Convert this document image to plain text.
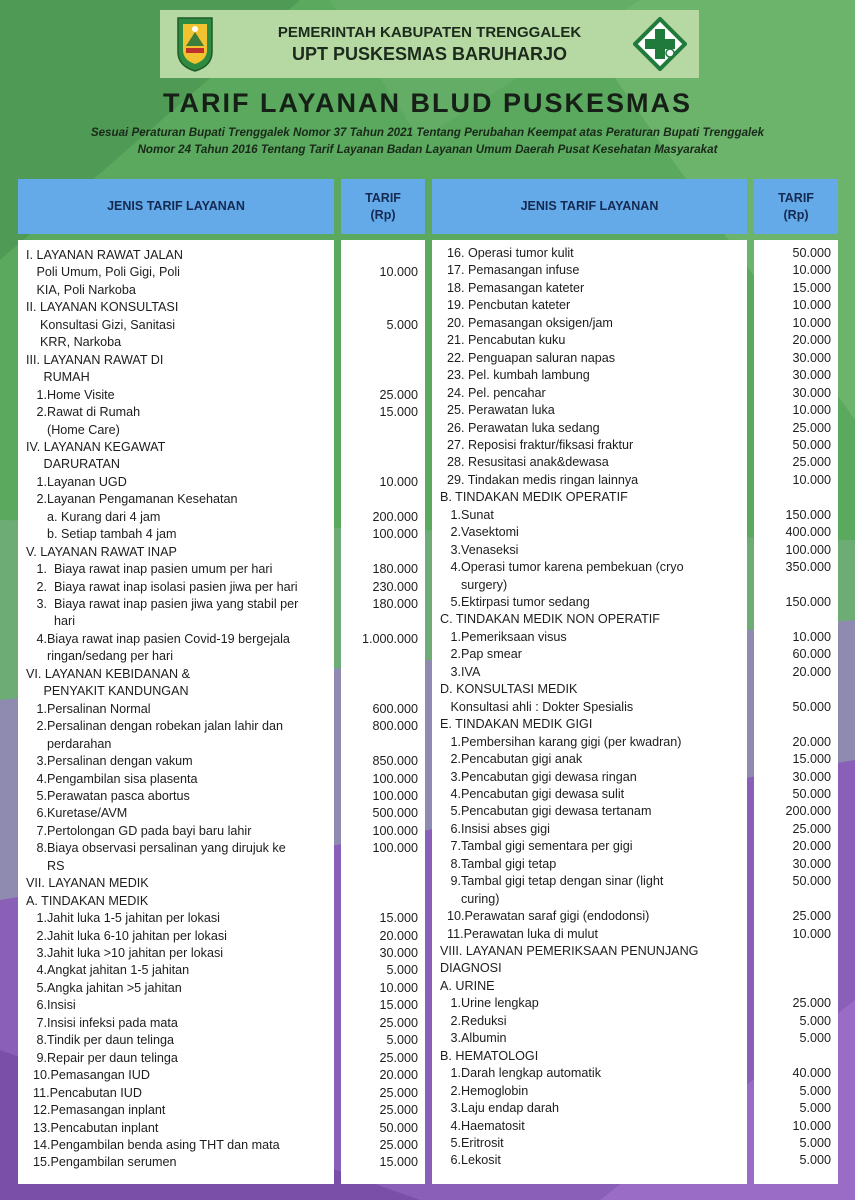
PEMERINTAH KABUPATEN TRENGGALEK
UPT PUSKESMAS BARUHARJO
TARIF LAYANAN BLUD PUSKESMAS
Sesuai Peraturan Bupati Trenggalek Nomor 37 Tahun 2021 Tentang Perubahan Keempat atas Peraturan Bupati Trenggalek
Nomor 24 Tahun 2016 Tentang Tarif Layanan Badan Layanan Umum Daerah Pusat Kesehatan Masyarakat
JENIS TARIF LAYANAN
TARIF
(Rp)
JENIS TARIF LAYANAN
TARIF
(Rp)
I. LAYANAN RAWAT JALAN
Poli Umum, Poli Gigi, Poli	10.000
KIA, Poli Narkoba
II. LAYANAN KONSULTASI
Konsultasi Gizi, Sanitasi	5.000
KRR, Narkoba
III. LAYANAN RAWAT DI
RUMAH
1.Home Visite	25.000
2.Rawat di Rumah	15.000
(Home Care)
IV. LAYANAN KEGAWAT
DARURATAN
1.Layanan UGD	10.000
2.Layanan Pengamanan Kesehatan
a. Kurang dari 4 jam	200.000
b. Setiap tambah 4 jam	100.000
V. LAYANAN RAWAT INAP
1.  Biaya rawat inap pasien umum per hari	180.000
2.  Biaya rawat inap isolasi pasien jiwa per hari	230.000
3.  Biaya rawat inap pasien jiwa yang stabil per	180.000
hari
4.Biaya rawat inap pasien Covid-19 bergejala	1.000.000
ringan/sedang per hari
VI. LAYANAN KEBIDANAN &
PENYAKIT KANDUNGAN
1.Persalinan Normal	600.000
2.Persalinan dengan robekan jalan lahir dan	800.000
perdarahan
3.Persalinan dengan vakum	850.000
4.Pengambilan sisa plasenta	100.000
5.Perawatan pasca abortus	100.000
6.Kuretase/AVM	500.000
7.Pertolongan GD pada bayi baru lahir	100.000
8.Biaya observasi persalinan yang dirujuk ke	100.000
RS
VII. LAYANAN MEDIK
A. TINDAKAN MEDIK
1.Jahit luka 1-5 jahitan per lokasi	15.000
2.Jahit luka 6-10 jahitan per lokasi	20.000
3.Jahit luka >10 jahitan per lokasi	30.000
4.Angkat jahitan 1-5 jahitan	5.000
5.Angka jahitan >5 jahitan	10.000
6.Insisi	15.000
7.Insisi infeksi pada mata	25.000
8.Tindik per daun telinga	5.000
9.Repair per daun telinga	25.000
10.Pemasangan IUD	20.000
11.Pencabutan IUD	25.000
12.Pemasangan inplant	25.000
13.Pencabutan inplant	50.000
14.Pengambilan benda asing THT dan mata	25.000
15.Pengambilan serumen	15.000
16. Operasi tumor kulit	50.000
17. Pemasangan infuse	10.000
18. Pemasangan kateter	15.000
19. Pencbutan kateter	10.000
20. Pemasangan oksigen/jam	10.000
21. Pencabutan kuku	20.000
22. Penguapan saluran napas	30.000
23. Pel. kumbah lambung	30.000
24. Pel. pencahar	30.000
25. Perawatan luka	10.000
26. Perawatan luka sedang	25.000
27. Reposisi fraktur/fiksasi fraktur	50.000
28. Resusitasi anak&dewasa	25.000
29. Tindakan medis ringan lainnya	10.000
B. TINDAKAN MEDIK OPERATIF
1.Sunat	150.000
2.Vasektomi	400.000
3.Venaseksi	100.000
4.Operasi tumor karena pembekuan (cryo	350.000
surgery)
5.Ektirpasi tumor sedang	150.000
C. TINDAKAN MEDIK NON OPERATIF
1.Pemeriksaan visus	10.000
2.Pap smear	60.000
3.IVA	20.000
D. KONSULTASI MEDIK
Konsultasi ahli : Dokter Spesialis	50.000
E. TINDAKAN MEDIK GIGI
1.Pembersihan karang gigi (per kwadran)	20.000
2.Pencabutan gigi anak	15.000
3.Pencabutan gigi dewasa ringan	30.000
4.Pencabutan gigi dewasa sulit	50.000
5.Pencabutan gigi dewasa tertanam	200.000
6.Insisi abses gigi	25.000
7.Tambal gigi sementara per gigi	20.000
8.Tambal gigi tetap	30.000
9.Tambal gigi tetap dengan sinar (light	50.000
curing)
10.Perawatan saraf gigi (endodonsi)	25.000
11.Perawatan luka di mulut	10.000
VIII. LAYANAN PEMERIKSAAN PENUNJANG
DIAGNOSI
A. URINE
1.Urine lengkap	25.000
2.Reduksi	5.000
3.Albumin	5.000
B. HEMATOLOGI
1.Darah lengkap automatik	40.000
2.Hemoglobin	5.000
3.Laju endap darah	5.000
4.Haematosit	10.000
5.Eritrosit	5.000
6.Lekosit	5.000
